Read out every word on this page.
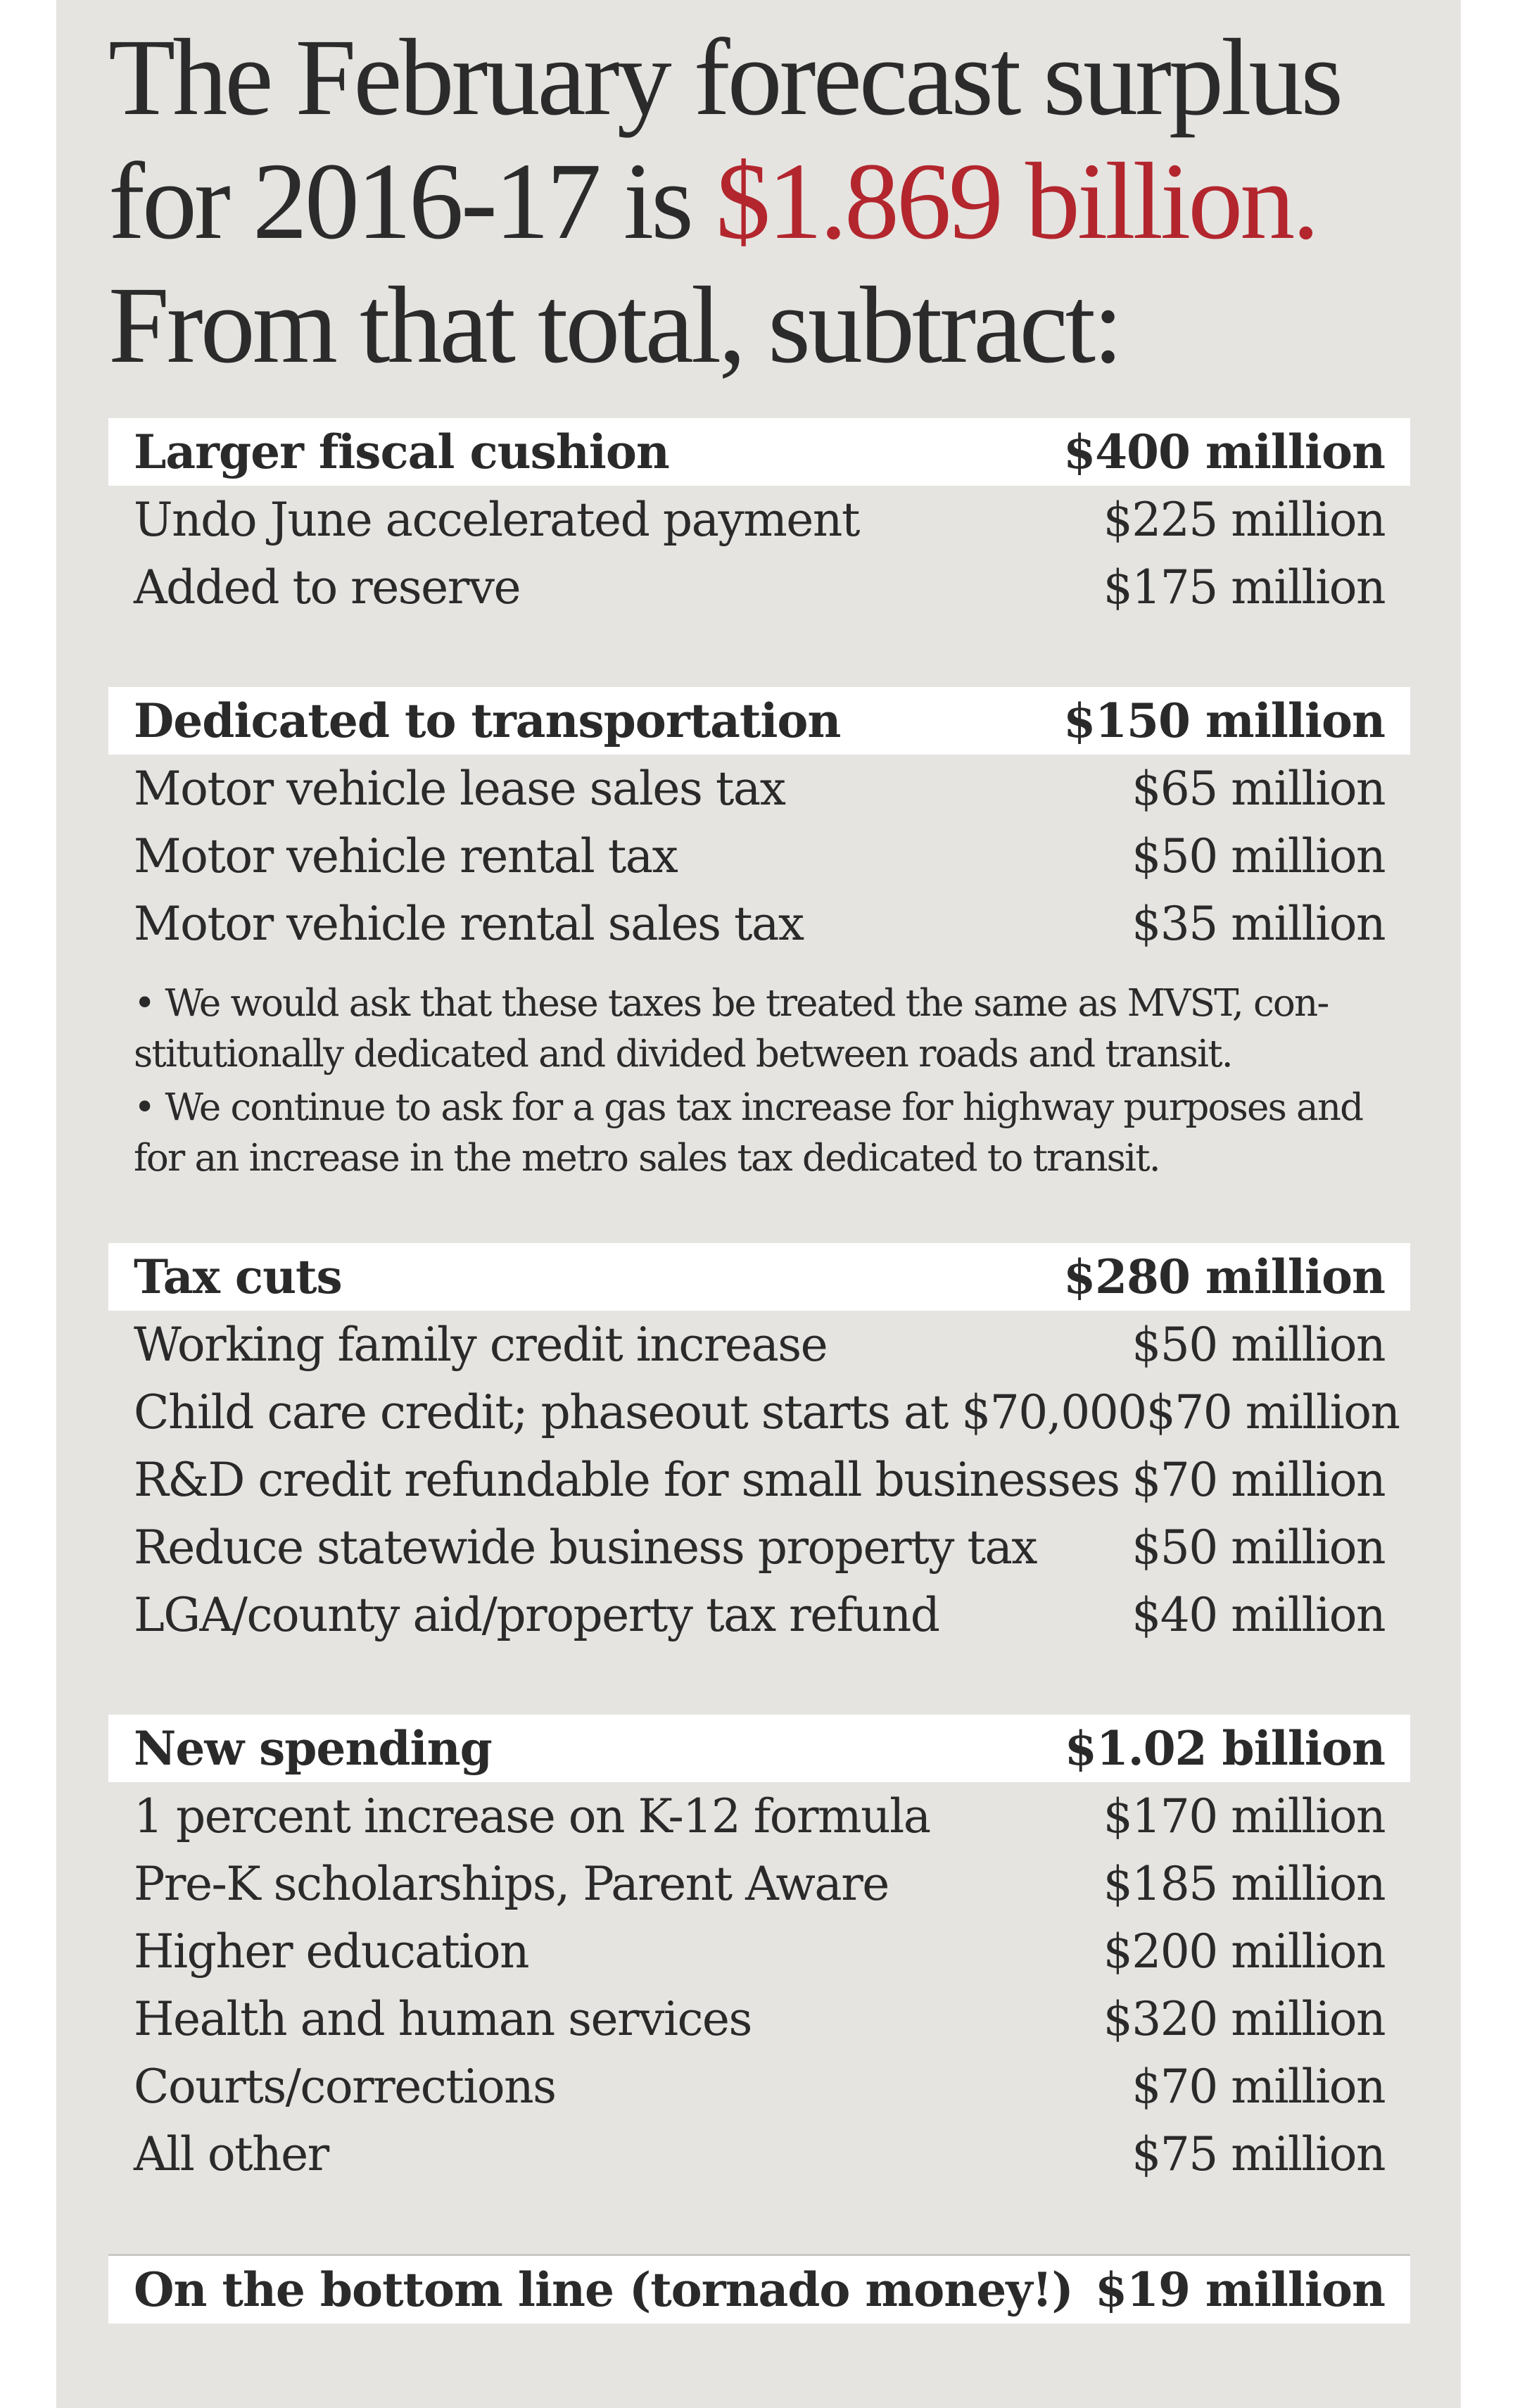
The February forecast surplus
for 2016-17 is $1.869 billion.
From that total, subtract:
Larger fiscal cushion	$400 million
Undo June accelerated payment	$225 million
Added to reserve	$175 million
Dedicated to transportation	$150 million
Motor vehicle lease sales tax	$65 million
Motor vehicle rental tax	$50 million
Motor vehicle rental sales tax	$35 million

• We would ask that these taxes be treated the same as MVST, con-stitutionally dedicated and divided between roads and transit.

• We continue to ask for a gas tax increase for highway purposes and for an increase in the metro sales tax dedicated to transit.

Tax cuts	$280 million
Working family credit increase	$50 million
Child care credit; phaseout starts at $70,000 $70 million
R&D credit refundable for small businesses $70 million
Reduce statewide business property tax $50 million
LGA/county aid/property tax refund	$40 million
New spending	$1.02 billion
1 percent increase on K-12 formula	$170 million
Pre-K scholarships, Parent Aware	$185 million
Higher education	$200 million
Health and human services	$320 million
Courts/corrections	$70 million
All other	$75 million
On the bottom line (tornado money!) $19 million
